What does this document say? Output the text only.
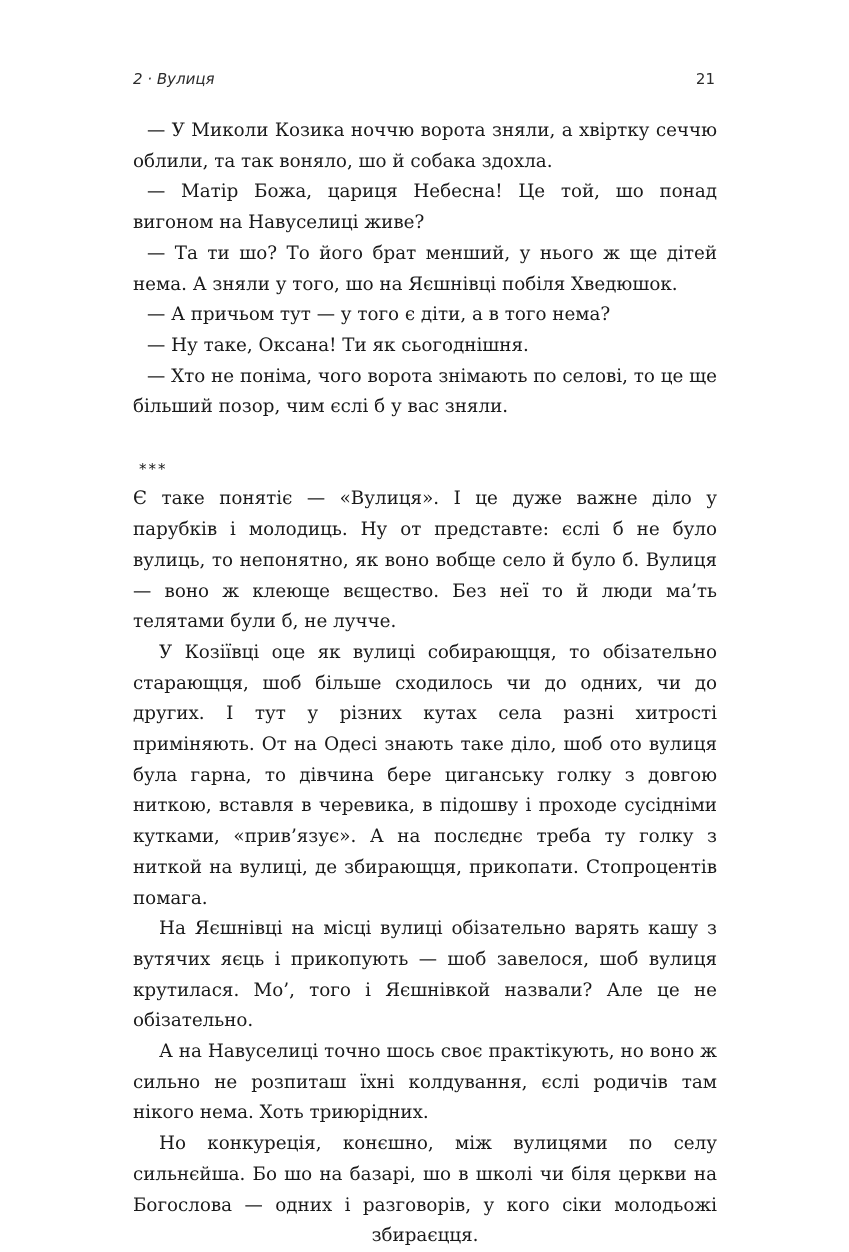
2 · Вулиця	21

— У Миколи Козика ноччю ворота зняли, а хвіртку сеччю облили, та так воняло, шо й собака здохла.

— Матір Божа, цариця Небесна! Це той, шо понад вигоном на Навуселиці живе?

— Та ти шо? То його брат менший, у нього ж ще дітей нема. А зняли у того, шо на Яєшнівці побіля Хведюшок.

— А причьом тут — у того є діти, а в того нема?

— Ну таке, Оксана! Ти як сьогоднішня.

— Хто не поніма, чого ворота знімають по селові, то це ще більший позор, чим єслі б у вас зняли.

***

Є таке понятіє — «Вулиця». І це дуже важне діло у парубків і молодиць. Ну от представте: єслі б не було вулиць, то непонятно, як воно вобще село й було б. Вулиця — воно ж клеюще вєщество. Без неї то й люди ма’ть телятами були б, не лучче.

У Козіївці оце як вулиці собирающця, то обізательно старающця, шоб більше сходилось чи до одних, чи до других. І тут у різних кутах села разні хитрості приміняють. От на Одесі знають таке діло, шоб ото вулиця була гарна, то дівчина бере циганську голку з довгою ниткою, вставля в черевика, в підошву і проходе сусідніми кутками, «прив’язує». А на послєднє треба ту голку з ниткой на вулиці, де збирающця, прикопати. Стопроцентів помага.

На Яєшнівці на місці вулиці обізательно варять кашу з вутячих яєць і прикопують — шоб завелося, шоб вулиця крутилася. Мо’, того і Яєшнівкой назвали? Але це не обізательно.

А на Навуселиці точно шось своє практікують, но воно ж сильно не розпиташ їхні колдування, єслі родичів там нікого нема. Хоть триюрідних.

Но конкуреція, конєшно, між вулицями по селу сильнєйша. Бо шо на базарі, шо в школі чи біля церкви на Богослова — одних і разговорів, у кого сіки молодьожі збираєцця.
